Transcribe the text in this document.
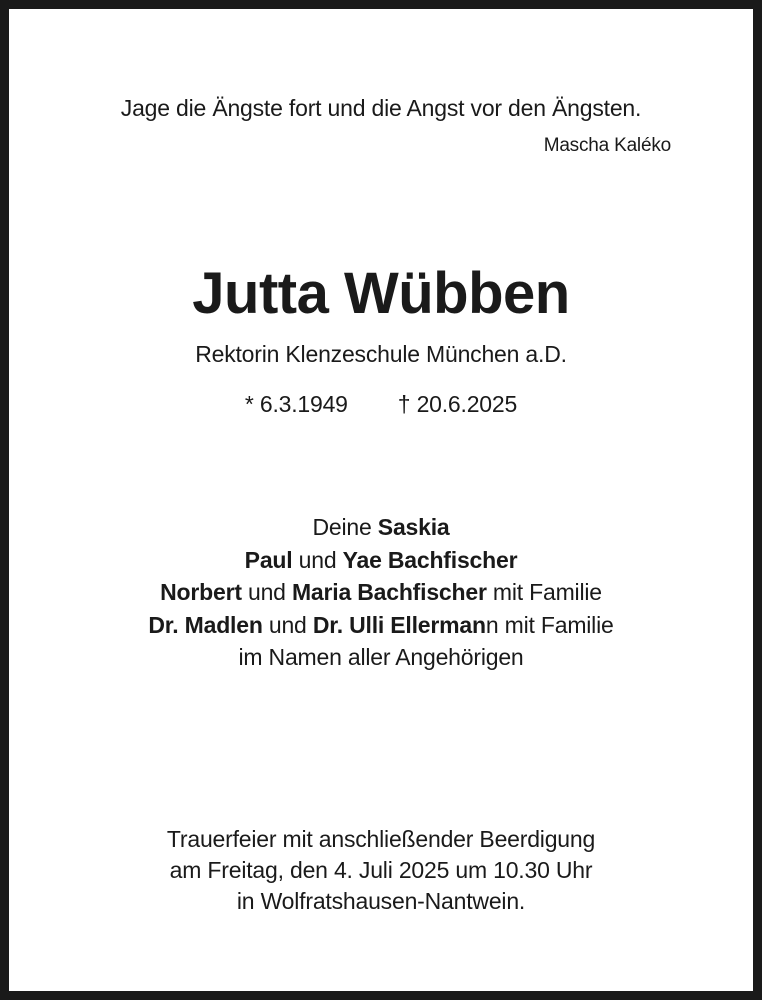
Jage die Ängste fort und die Angst vor den Ängsten.
Mascha Kaléko
Jutta Wübben
Rektorin Klenzeschule München a.D.
* 6.3.1949 † 20.6.2025
Deine Saskia
Paul und Yae Bachfischer
Norbert und Maria Bachfischer mit Familie
Dr. Madlen und Dr. Ulli Ellermann mit Familie
im Namen aller Angehörigen
Trauerfeier mit anschließender Beerdigung
am Freitag, den 4. Juli 2025 um 10.30 Uhr
in Wolfratshausen-Nantwein.
